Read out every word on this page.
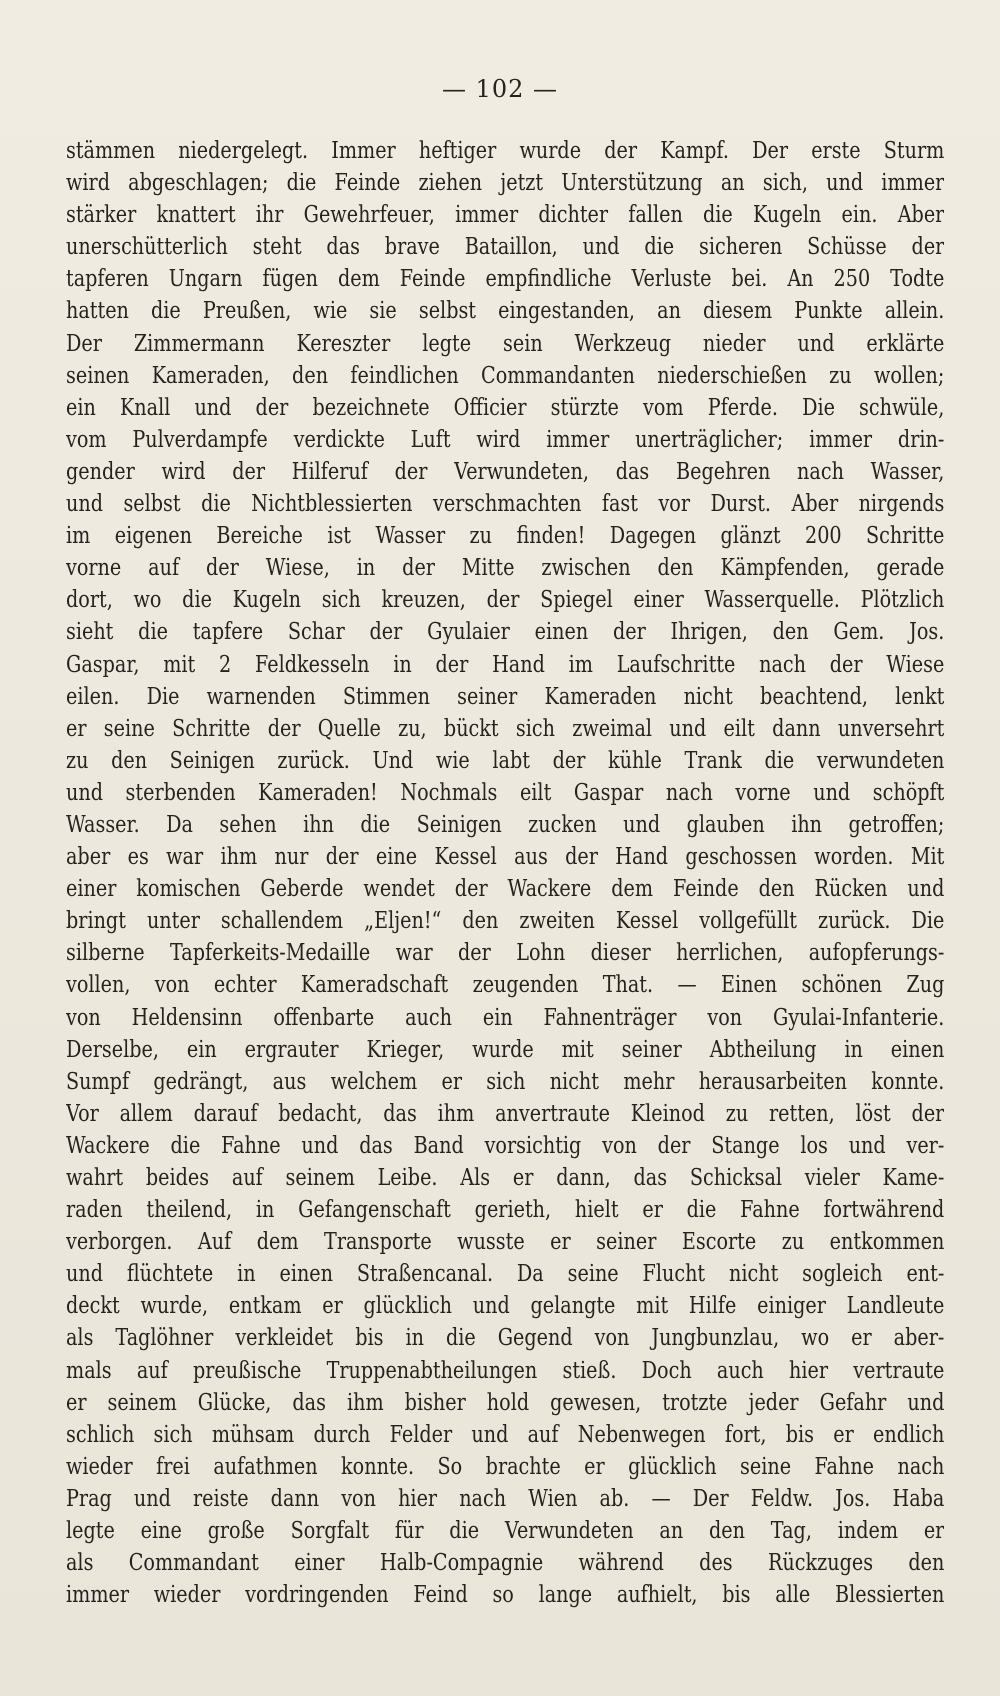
— 102 —
stämmen niedergelegt. Immer heftiger wurde der Kampf. Der erste Sturm
wird abgeschlagen; die Feinde ziehen jetzt Unterstützung an sich, und immer
stärker knattert ihr Gewehrfeuer, immer dichter fallen die Kugeln ein. Aber
unerschütterlich steht das brave Bataillon, und die sicheren Schüsse der
tapferen Ungarn fügen dem Feinde empfindliche Verluste bei. An 250 Todte
hatten die Preußen, wie sie selbst eingestanden, an diesem Punkte allein.
Der Zimmermann Kereszter legte sein Werkzeug nieder und erklärte
seinen Kameraden, den feindlichen Commandanten niederschießen zu wollen;
ein Knall und der bezeichnete Officier stürzte vom Pferde. Die schwüle,
vom Pulverdampfe verdickte Luft wird immer unerträglicher; immer drin-
gender wird der Hilferuf der Verwundeten, das Begehren nach Wasser,
und selbst die Nichtblessierten verschmachten fast vor Durst. Aber nirgends
im eigenen Bereiche ist Wasser zu finden! Dagegen glänzt 200 Schritte
vorne auf der Wiese, in der Mitte zwischen den Kämpfenden, gerade
dort, wo die Kugeln sich kreuzen, der Spiegel einer Wasserquelle. Plötzlich
sieht die tapfere Schar der Gyulaier einen der Ihrigen, den Gem. Jos.
Gaspar, mit 2 Feldkesseln in der Hand im Laufschritte nach der Wiese
eilen. Die warnenden Stimmen seiner Kameraden nicht beachtend, lenkt
er seine Schritte der Quelle zu, bückt sich zweimal und eilt dann unversehrt
zu den Seinigen zurück. Und wie labt der kühle Trank die verwundeten
und sterbenden Kameraden! Nochmals eilt Gaspar nach vorne und schöpft
Wasser. Da sehen ihn die Seinigen zucken und glauben ihn getroffen;
aber es war ihm nur der eine Kessel aus der Hand geschossen worden. Mit
einer komischen Geberde wendet der Wackere dem Feinde den Rücken und
bringt unter schallendem „Eljen!“ den zweiten Kessel vollgefüllt zurück. Die
silberne Tapferkeits-Medaille war der Lohn dieser herrlichen, aufopferungs-
vollen, von echter Kameradschaft zeugenden That. — Einen schönen Zug
von Heldensinn offenbarte auch ein Fahnenträger von Gyulai-Infanterie.
Derselbe, ein ergrauter Krieger, wurde mit seiner Abtheilung in einen
Sumpf gedrängt, aus welchem er sich nicht mehr herausarbeiten konnte.
Vor allem darauf bedacht, das ihm anvertraute Kleinod zu retten, löst der
Wackere die Fahne und das Band vorsichtig von der Stange los und ver-
wahrt beides auf seinem Leibe. Als er dann, das Schicksal vieler Kame-
raden theilend, in Gefangenschaft gerieth, hielt er die Fahne fortwährend
verborgen. Auf dem Transporte wusste er seiner Escorte zu entkommen
und flüchtete in einen Straßencanal. Da seine Flucht nicht sogleich ent-
deckt wurde, entkam er glücklich und gelangte mit Hilfe einiger Landleute
als Taglöhner verkleidet bis in die Gegend von Jungbunzlau, wo er aber-
mals auf preußische Truppenabtheilungen stieß. Doch auch hier vertraute
er seinem Glücke, das ihm bisher hold gewesen, trotzte jeder Gefahr und
schlich sich mühsam durch Felder und auf Nebenwegen fort, bis er endlich
wieder frei aufathmen konnte. So brachte er glücklich seine Fahne nach
Prag und reiste dann von hier nach Wien ab. — Der Feldw. Jos. Haba
legte eine große Sorgfalt für die Verwundeten an den Tag, indem er
als Commandant einer Halb-Compagnie während des Rückzuges den
immer wieder vordringenden Feind so lange aufhielt, bis alle Blessierten
